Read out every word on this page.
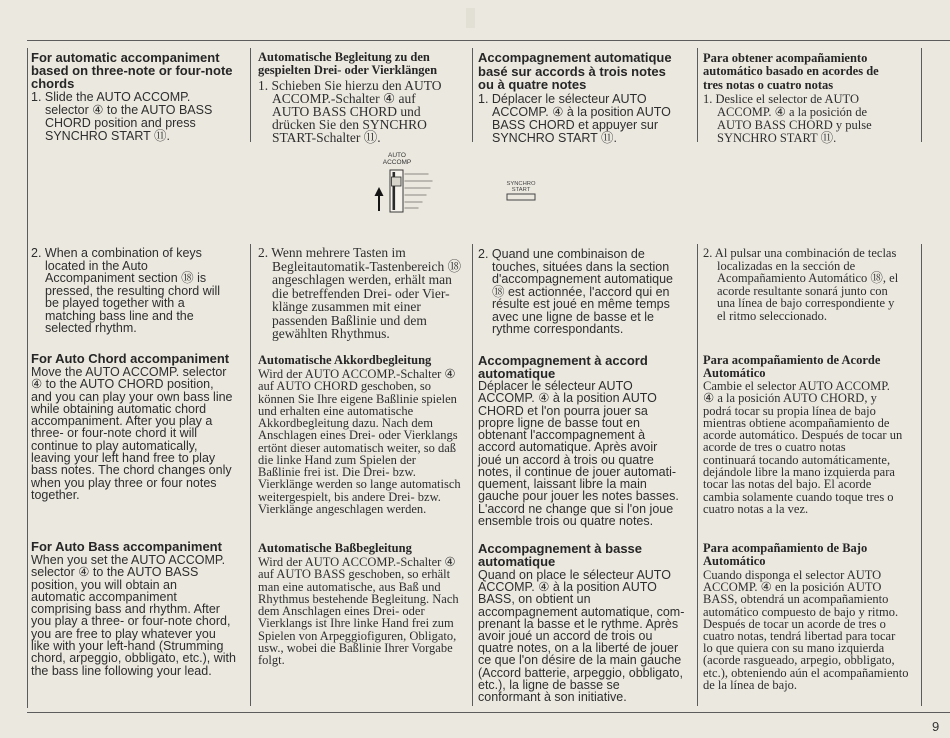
For automatic accompaniment
based on three-note or four-note
chords
1. Slide the AUTO ACCOMP.
selector ④ to the AUTO BASS
CHORD position and press
SYNCHRO START ⑪.
2. When a combination of keys
located in the Auto
Accompaniment section ⑱ is
pressed, the resulting chord will
be played together with a
matching bass line and the
selected rhythm.
For Auto Chord accompaniment
Move the AUTO ACCOMP. selector
④ to the AUTO CHORD position,
and you can play your own bass line
while obtaining automatic chord
accompaniment. After you play a
three- or four-note chord it will
continue to play automatically,
leaving your left hand free to play
bass notes. The chord changes only
when you play three or four notes
together.
For Auto Bass accompaniment
When you set the AUTO ACCOMP.
selector ④ to the AUTO BASS
position, you will obtain an
automatic accompaniment
comprising bass and rhythm. After
you play a three- or four-note chord,
you are free to play whatever you
like with your left-hand (Strumming
chord, arpeggio, obbligato, etc.), with
the bass line following your lead.
Automatische Begleitung zu den
gespielten Drei- oder Vierklängen
1. Schieben Sie hierzu den AUTO
ACCOMP.-Schalter ④ auf
AUTO BASS CHORD und
drücken Sie den SYNCHRO
START-Schalter ⑪.
2. Wenn mehrere Tasten im
Begleitautomatik-Tastenbereich ⑱
angeschlagen werden, erhält man
die betreffenden Drei- oder Vier-
klänge zusammen mit einer
passenden Baßlinie und dem
gewählten Rhythmus.
Automatische Akkordbegleitung
Wird der AUTO ACCOMP.-Schalter ④
auf AUTO CHORD geschoben, so
können Sie Ihre eigene Baßlinie spielen
und erhalten eine automatische
Akkordbegleitung dazu. Nach dem
Anschlagen eines Drei- oder Vierklangs
ertönt dieser automatisch weiter, so daß
die linke Hand zum Spielen der
Baßlinie frei ist. Die Drei- bzw.
Vierklänge werden so lange automatisch
weitergespielt, bis andere Drei- bzw.
Vierklänge angeschlagen werden.
Automatische Baßbegleitung
Wird der AUTO ACCOMP.-Schalter ④
auf AUTO BASS geschoben, so erhält
man eine automatische, aus Baß und
Rhythmus bestehende Begleitung. Nach
dem Anschlagen eines Drei- oder
Vierklangs ist Ihre linke Hand frei zum
Spielen von Arpeggiofiguren, Obligato,
usw., wobei die Baßlinie Ihrer Vorgabe
folgt.
AUTO
ACCOMP
Accompagnement automatique
basé sur accords à trois notes
ou à quatre notes
1. Déplacer le sélecteur AUTO
ACCOMP. ④ à la position AUTO
BASS CHORD et appuyer sur
SYNCHRO START ⑪.
2. Quand une combinaison de
touches, situées dans la section
d'accompagnement automatique
⑱ est actionnée, l'accord qui en
résulte est joué en même temps
avec une ligne de basse et le
rythme correspondants.
Accompagnement à accord
automatique
Déplacer le sélecteur AUTO
ACCOMP. ④ à la position AUTO
CHORD et l'on pourra jouer sa
propre ligne de basse tout en
obtenant l'accompagnement à
accord automatique. Après avoir
joué un accord à trois ou quatre
notes, il continue de jouer automati-
quement, laissant libre la main
gauche pour jouer les notes basses.
L'accord ne change que si l'on joue
ensemble trois ou quatre notes.
Accompagnement à basse
automatique
Quand on place le sélecteur AUTO
ACCOMP. ④ à la position AUTO
BASS, on obtient un
accompagnement automatique, com-
prenant la basse et le rythme. Après
avoir joué un accord de trois ou
quatre notes, on a la liberté de jouer
ce que l'on désire de la main gauche
(Accord batterie, arpeggio, obbligato,
etc.), la ligne de basse se
conformant à son initiative.
SYNCHRO
START
Para obtener acompañamiento
automático basado en acordes de
tres notas o cuatro notas
1. Deslice el selector de AUTO
ACCOMP. ④ a la posición de
AUTO BASS CHORD y pulse
SYNCHRO START ⑪.
2. Al pulsar una combinación de teclas
localizadas en la sección de
Acompañamiento Automático ⑱, el
acorde resultante sonará junto con
una línea de bajo correspondiente y
el ritmo seleccionado.
Para acompañamiento de Acorde
Automático
Cambie el selector AUTO ACCOMP.
④ a la posición AUTO CHORD, y
podrá tocar su propia línea de bajo
mientras obtiene acompañamiento de
acorde automático. Después de tocar un
acorde de tres o cuatro notas
continuará tocando automáticamente,
dejándole libre la mano izquierda para
tocar las notas del bajo. El acorde
cambia solamente cuando toque tres o
cuatro notas a la vez.
Para acompañamiento de Bajo
Automático
Cuando disponga el selector AUTO
ACCOMP. ④ en la posición AUTO
BASS, obtendrá un acompañamiento
automático compuesto de bajo y ritmo.
Después de tocar un acorde de tres o
cuatro notas, tendrá libertad para tocar
lo que quiera con su mano izquierda
(acorde rasgueado, arpegio, obbligato,
etc.), obteniendo aún el acompañamiento
de la línea de bajo.
9
